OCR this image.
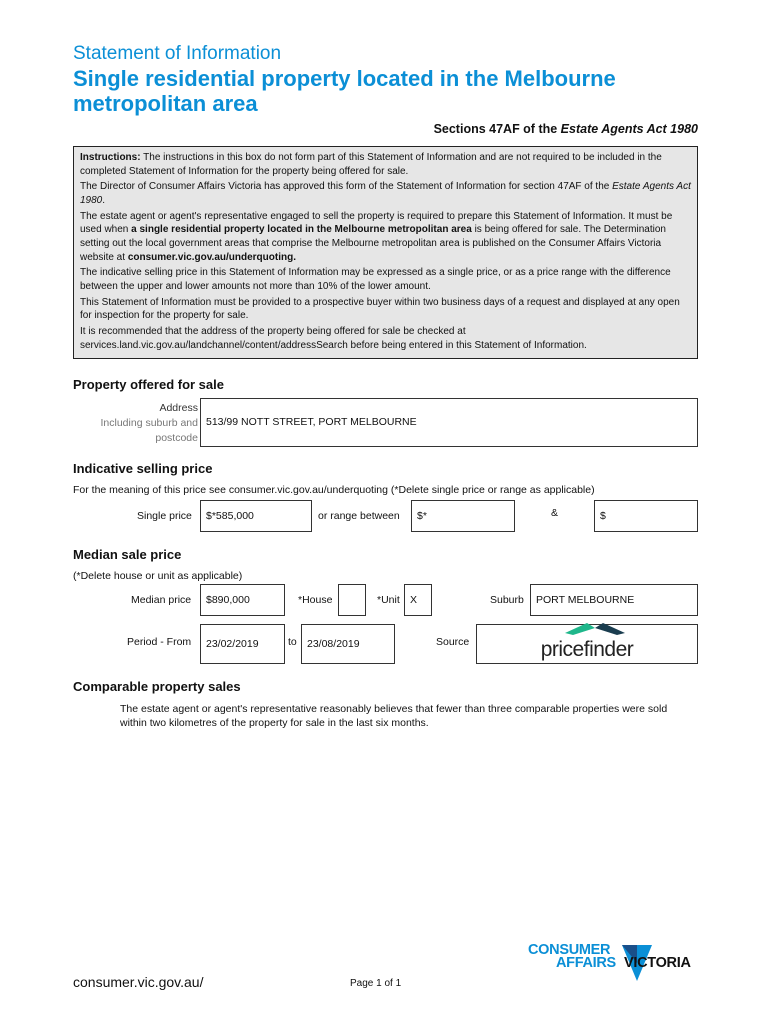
Statement of Information
Single residential property located in the Melbourne metropolitan area
Sections 47AF of the Estate Agents Act 1980

Instructions: The instructions in this box do not form part of this Statement of Information and are not required to be included in the completed Statement of Information for the property being offered for sale.

The Director of Consumer Affairs Victoria has approved this form of the Statement of Information for section 47AF of the Estate Agents Act 1980.

The estate agent or agent's representative engaged to sell the property is required to prepare this Statement of Information. It must be used when a single residential property located in the Melbourne metropolitan area is being offered for sale. The Determination setting out the local government areas that comprise the Melbourne metropolitan area is published on the Consumer Affairs Victoria website at consumer.vic.gov.au/underquoting.

The indicative selling price in this Statement of Information may be expressed as a single price, or as a price range with the difference between the upper and lower amounts not more than 10% of the lower amount.

This Statement of Information must be provided to a prospective buyer within two business days of a request and displayed at any open for inspection for the property for sale.

It is recommended that the address of the property being offered for sale be checked at services.land.vic.gov.au/landchannel/content/addressSearch before being entered in this Statement of Information.

Property offered for sale
Address
Including suburb and
postcode
513/99 NOTT STREET, PORT MELBOURNE
Indicative selling price
For the meaning of this price see consumer.vic.gov.au/underquoting (*Delete single price or range as applicable)
Single price	$*585,000	or range between	$*	&	$
Median sale price
(*Delete house or unit as applicable)
Median price	$890,000	*House	*Unit X	Suburb	PORT MELBOURNE
Period - From	23/02/2019	to 23/08/2019	Source	pricefinder
Comparable property sales
The estate agent or agent's representative reasonably believes that fewer than three comparable properties were sold within two kilometres of the property for sale in the last six months.
CONSUMER
AFFAIRS VICTORIA
consumer.vic.gov.au/	Page 1 of 1
